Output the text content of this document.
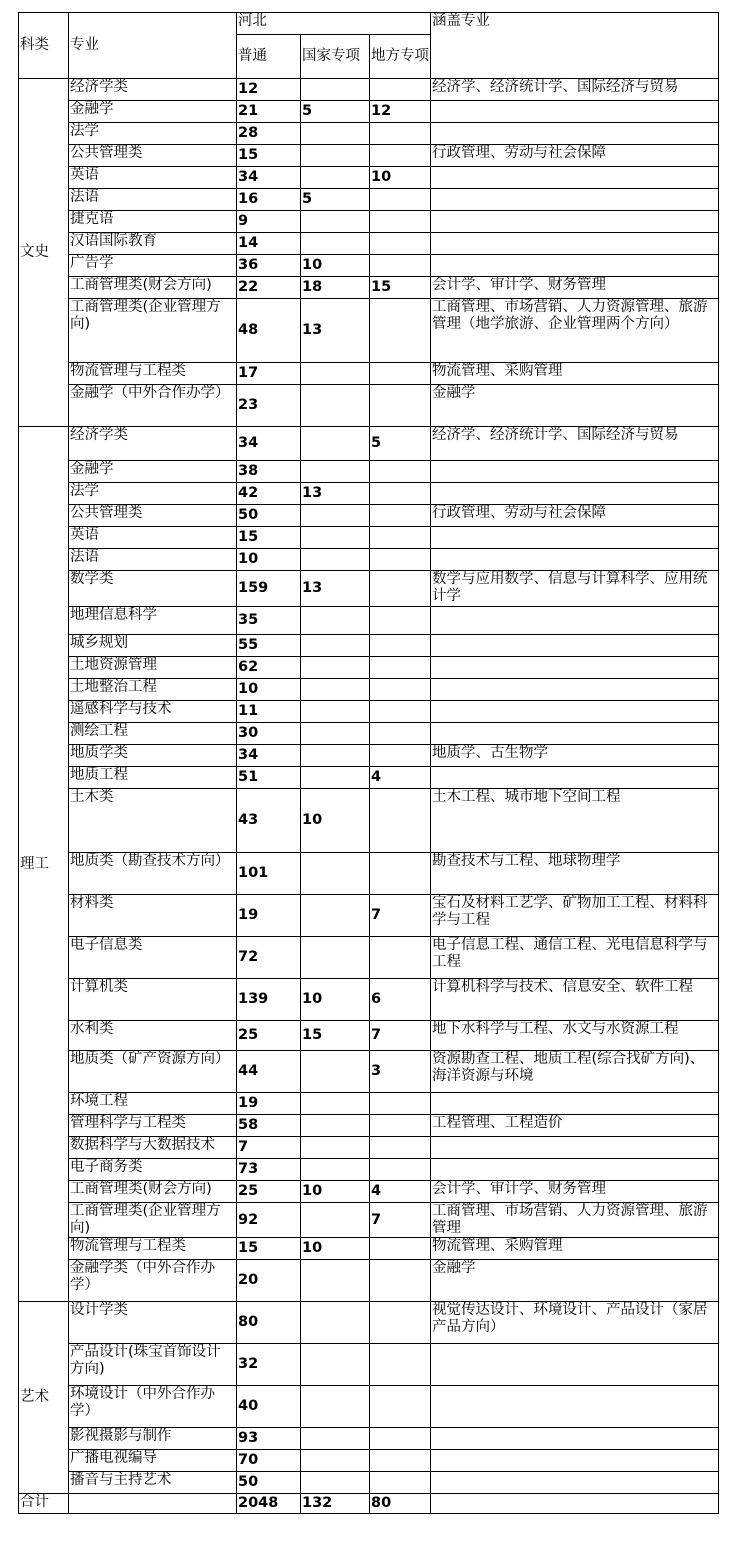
科类	专业	河北			涵盖专业
		普通	国家专项	地方专项	
文史	经济学类	12			经济学、经济统计学、国际经济与贸易
	金融学	21	5	12	
	法学	28			
	公共管理类	15			行政管理、劳动与社会保障
	英语	34		10	
	法语	16	5		
	捷克语	9			
	汉语国际教育	14			
	广告学	36	10		
	工商管理类(财会方向)	22	18	15	会计学、审计学、财务管理
	工商管理类(企业管理方向)	48	13		工商管理、市场营销、人力资源管理、旅游管理（地学旅游、企业管理两个方向）
	物流管理与工程类	17			物流管理、采购管理
	金融学（中外合作办学）	23			金融学
理工	经济学类	34		5	经济学、经济统计学、国际经济与贸易
	金融学	38			
	法学	42	13		
	公共管理类	50			行政管理、劳动与社会保障
	英语	15			
	法语	10			
	数学类	159	13		数学与应用数学、信息与计算科学、应用统计学
	地理信息科学	35			
	城乡规划	55			
	土地资源管理	62			
	土地整治工程	10			
	遥感科学与技术	11			
	测绘工程	30			
	地质学类	34			地质学、古生物学
	地质工程	51		4	
	土木类	43	10		土木工程、城市地下空间工程
	地质类（勘查技术方向）	101			勘查技术与工程、地球物理学
	材料类	19		7	宝石及材料工艺学、矿物加工工程、材料科学与工程
	电子信息类	72			电子信息工程、通信工程、光电信息科学与工程
	计算机类	139	10	6	计算机科学与技术、信息安全、软件工程
	水利类	25	15	7	地下水科学与工程、水文与水资源工程
	地质类（矿产资源方向）	44		3	资源勘查工程、地质工程(综合找矿方向)、海洋资源与环境
	环境工程	19			
	管理科学与工程类	58			工程管理、工程造价
	数据科学与大数据技术	7			
	电子商务类	73			
	工商管理类(财会方向)	25	10	4	会计学、审计学、财务管理
	工商管理类(企业管理方向)	92		7	工商管理、市场营销、人力资源管理、旅游管理
	物流管理与工程类	15	10		物流管理、采购管理
	金融学类（中外合作办学）	20			金融学
艺术	设计学类	80			视觉传达设计、环境设计、产品设计（家居产品方向）
	产品设计(珠宝首饰设计方向)	32			
	环境设计（中外合作办学）	40			
	影视摄影与制作	93			
	广播电视编导	70			
	播音与主持艺术	50			
合计		2048	132	80	
